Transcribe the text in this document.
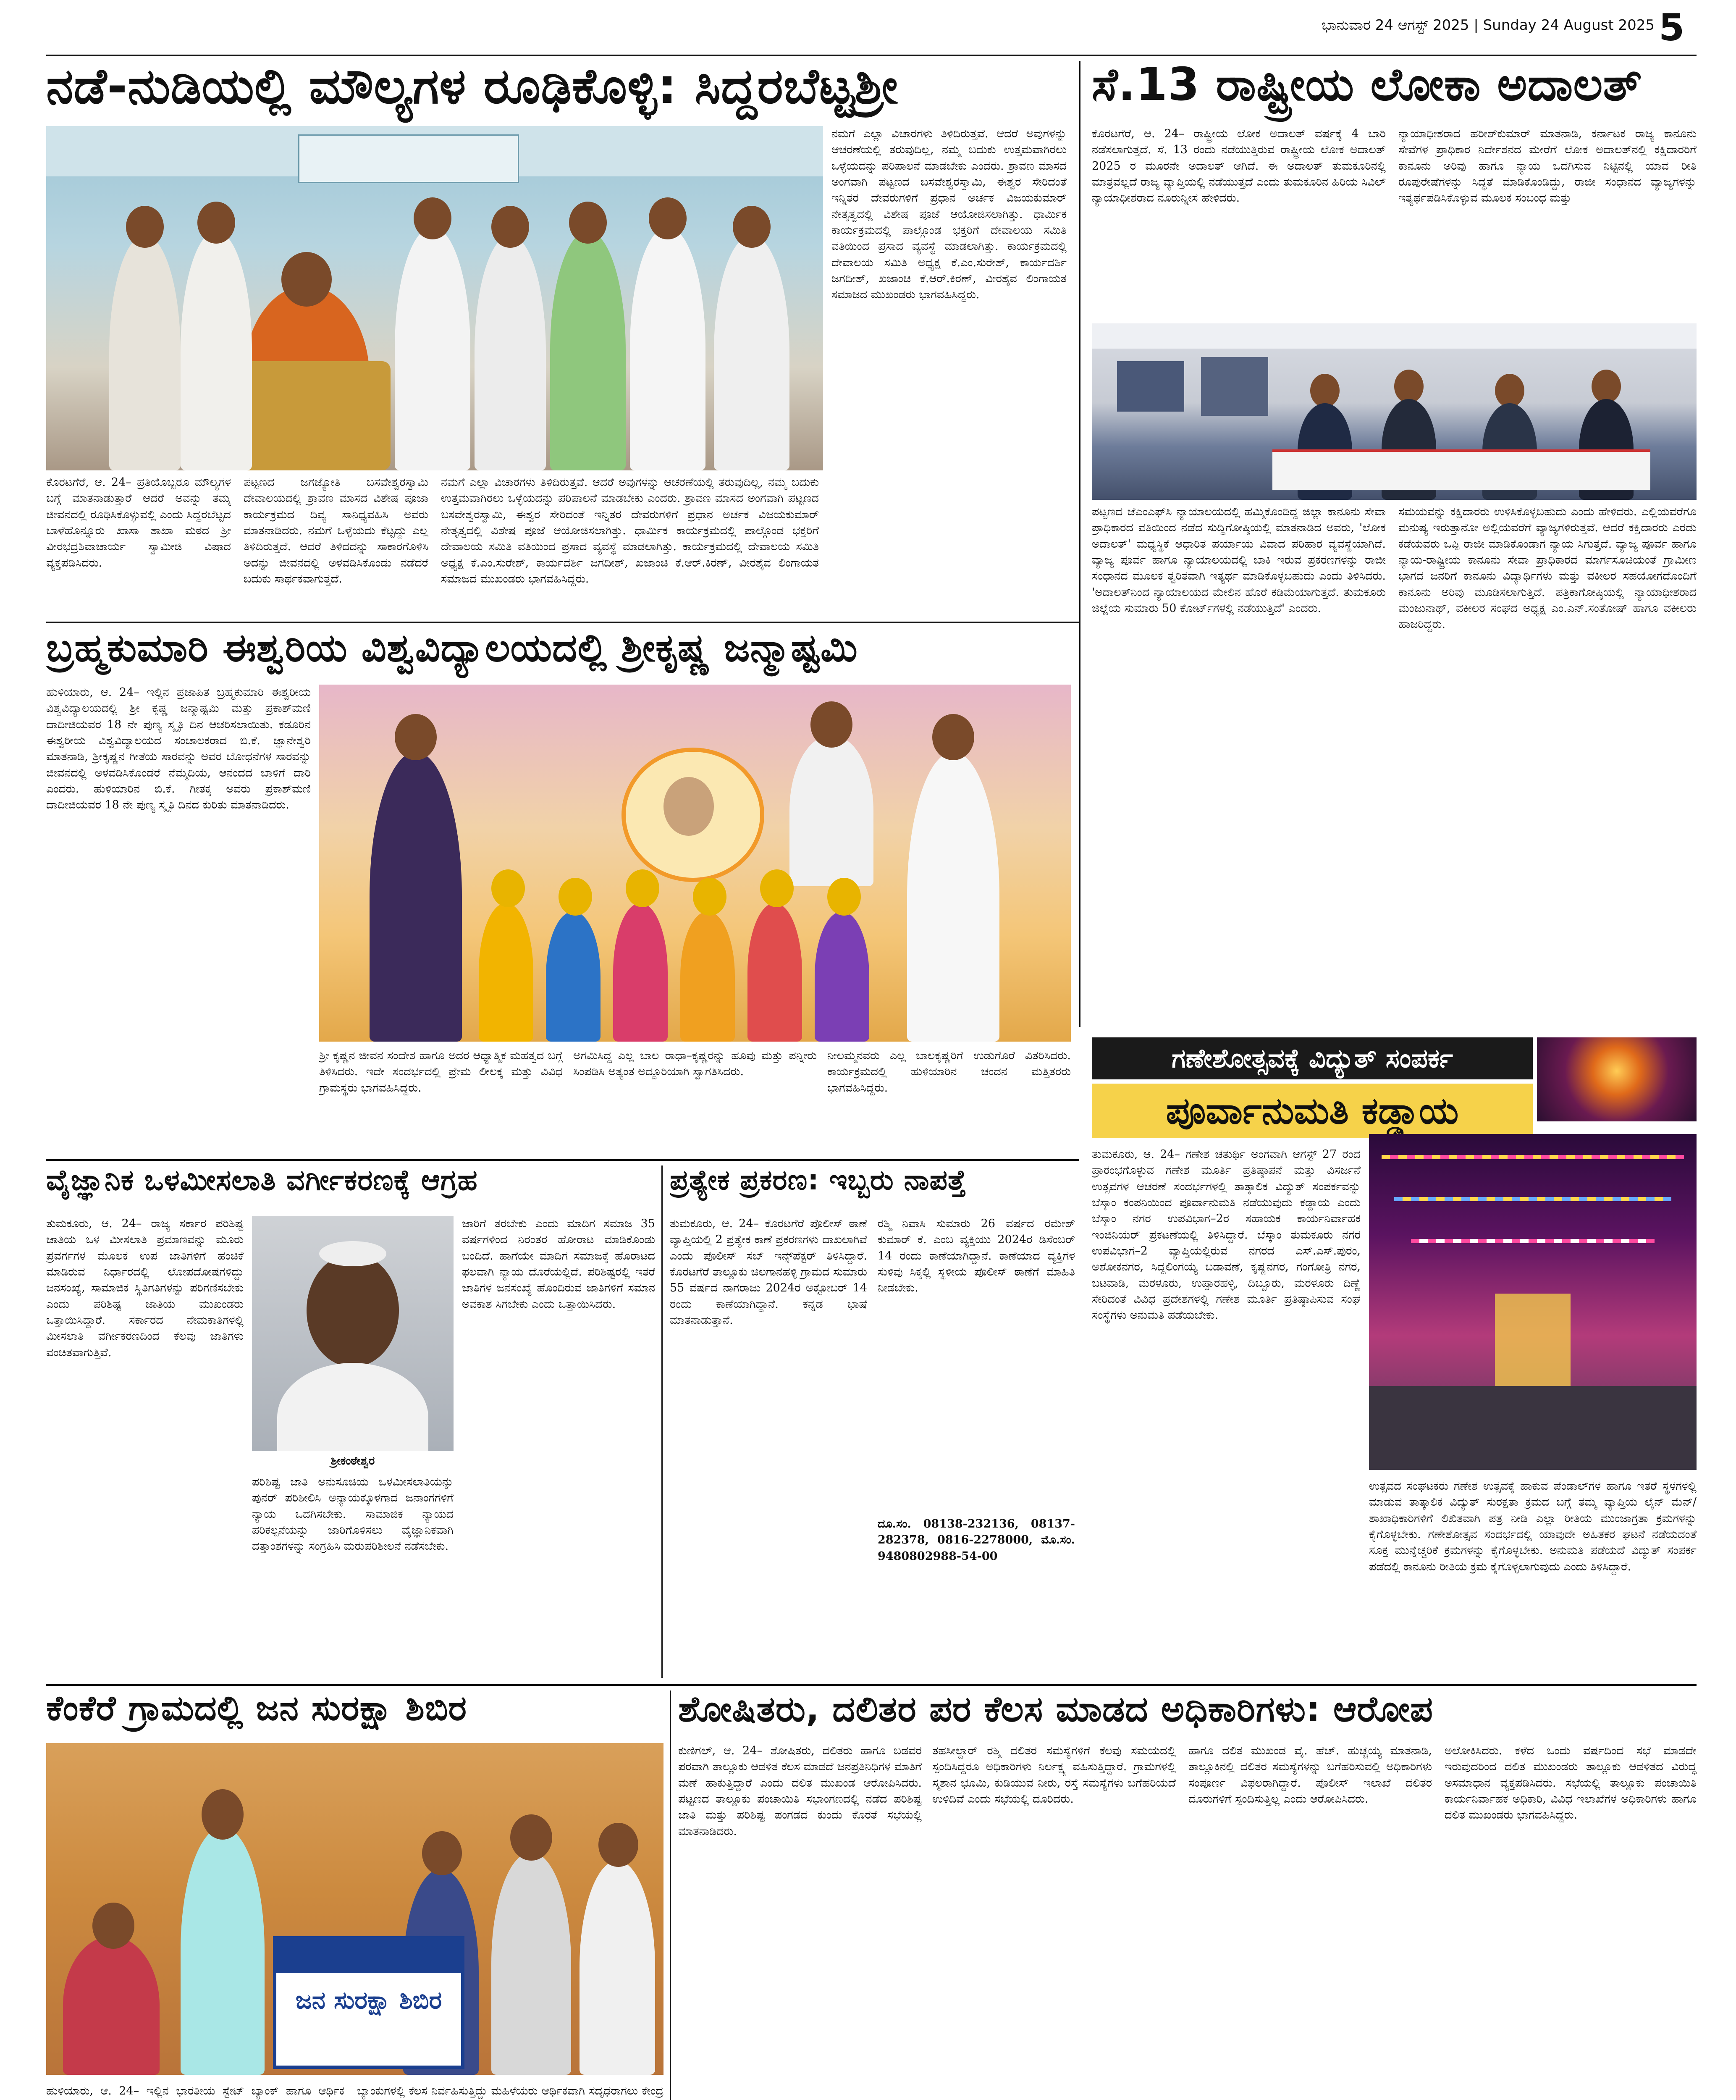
ಭಾನುವಾರ 24 ಆಗಸ್ಟ್ 2025 | Sunday 24 August 2025 5
ನಡೆ-ನುಡಿಯಲ್ಲಿ ಮೌಲ್ಯಗಳ ರೂಢಿಕೊಳ್ಳಿ: ಸಿದ್ದರಬೆಟ್ಟಶ್ರೀ
ಕೊರಟಗೆರೆ, ಆ. 24– ಪ್ರತಿಯೊಬ್ಬರೂ ಮೌಲ್ಯಗಳ ಬಗ್ಗೆ ಮಾತನಾಡುತ್ತಾರೆ ಆದರೆ ಅವನ್ನು ತಮ್ಮ ಜೀವನದಲ್ಲಿ ರೂಢಿಸಿಕೊಳ್ಳುವಲ್ಲಿ ಎಂದು ಸಿದ್ದರಬೆಟ್ಟದ ಬಾಳೆಹೊನ್ನೂರು ಖಾಸಾ ಶಾಖಾ ಮಠದ ಶ್ರೀ ವೀರಭದ್ರಶಿವಾಚಾರ್ಯ ಸ್ವಾಮೀಜಿ ವಿಷಾದ ವ್ಯಕ್ತಪಡಿಸಿದರು.
ಪಟ್ಟಣದ ಜಗಜ್ಯೋತಿ ಬಸವೇಶ್ವರಸ್ವಾಮಿ ದೇವಾಲಯದಲ್ಲಿ ಶ್ರಾವಣ ಮಾಸದ ವಿಶೇಷ ಪೂಜಾ ಕಾರ್ಯಕ್ರಮದ ದಿವ್ಯ ಸಾನಿಧ್ಯವಹಿಸಿ ಅವರು ಮಾತನಾಡಿದರು. ನಮಗೆ ಒಳ್ಳೆಯದು ಕೆಟ್ಟದ್ದು ಎಲ್ಲ ತಿಳಿದಿರುತ್ತದೆ. ಆದರೆ ತಿಳಿದದನ್ನು ಸಾಕಾರಗೊಳಿಸಿ ಅದನ್ನು ಜೀವನದಲ್ಲಿ ಅಳವಡಿಸಿಕೊಂಡು ನಡೆದರೆ ಬದುಕು ಸಾರ್ಥಕವಾಗುತ್ತದೆ.
ನಮಗೆ ಎಲ್ಲಾ ವಿಚಾರಗಳು ತಿಳಿದಿರುತ್ತವೆ. ಆದರೆ ಅವುಗಳನ್ನು ಆಚರಣೆಯಲ್ಲಿ ತರುವುದಿಲ್ಲ, ನಮ್ಮ ಬದುಕು ಉತ್ತಮವಾಗಿರಲು ಒಳ್ಳೆಯದನ್ನು ಪರಿಪಾಲನೆ ಮಾಡಬೇಕು ಎಂದರು. ಶ್ರಾವಣ ಮಾಸದ ಅಂಗವಾಗಿ ಪಟ್ಟಣದ ಬಸವೇಶ್ವರಸ್ವಾಮಿ, ಈಶ್ವರ ಸೇರಿದಂತೆ ಇನ್ನಿತರ ದೇವರುಗಳಿಗೆ ಪ್ರಧಾನ ಅರ್ಚಕ ವಿಜಯಕುಮಾರ್ ನೇತೃತ್ವದಲ್ಲಿ ವಿಶೇಷ ಪೂಜೆ ಆಯೋಜಿಸಲಾಗಿತ್ತು. ಧಾರ್ಮಿಕ ಕಾರ್ಯಕ್ರಮದಲ್ಲಿ ಪಾಲ್ಗೊಂಡ ಭಕ್ತರಿಗೆ ದೇವಾಲಯ ಸಮಿತಿ ವತಿಯಿಂದ ಪ್ರಸಾದ ವ್ಯವಸ್ಥೆ ಮಾಡಲಾಗಿತ್ತು. ಕಾರ್ಯಕ್ರಮದಲ್ಲಿ ದೇವಾಲಯ ಸಮಿತಿ ಅಧ್ಯಕ್ಷ ಕೆ.ಎಂ.ಸುರೇಶ್, ಕಾರ್ಯದರ್ಶಿ ಜಗದೀಶ್, ಖಜಾಂಚಿ ಕೆ.ಆರ್.ಕಿರಣ್, ವೀರಶೈವ ಲಿಂಗಾಯತ ಸಮಾಜದ ಮುಖಂಡರು ಭಾಗವಹಿಸಿದ್ದರು.
ನಮಗೆ ಎಲ್ಲಾ ವಿಚಾರಗಳು ತಿಳಿದಿರುತ್ತವೆ. ಆದರೆ ಅವುಗಳನ್ನು ಆಚರಣೆಯಲ್ಲಿ ತರುವುದಿಲ್ಲ, ನಮ್ಮ ಬದುಕು ಉತ್ತಮವಾಗಿರಲು ಒಳ್ಳೆಯದನ್ನು ಪರಿಪಾಲನೆ ಮಾಡಬೇಕು ಎಂದರು. ಶ್ರಾವಣ ಮಾಸದ ಅಂಗವಾಗಿ ಪಟ್ಟಣದ ಬಸವೇಶ್ವರಸ್ವಾಮಿ, ಈಶ್ವರ ಸೇರಿದಂತೆ ಇನ್ನಿತರ ದೇವರುಗಳಿಗೆ ಪ್ರಧಾನ ಅರ್ಚಕ ವಿಜಯಕುಮಾರ್ ನೇತೃತ್ವದಲ್ಲಿ ವಿಶೇಷ ಪೂಜೆ ಆಯೋಜಿಸಲಾಗಿತ್ತು. ಧಾರ್ಮಿಕ ಕಾರ್ಯಕ್ರಮದಲ್ಲಿ ಪಾಲ್ಗೊಂಡ ಭಕ್ತರಿಗೆ ದೇವಾಲಯ ಸಮಿತಿ ವತಿಯಿಂದ ಪ್ರಸಾದ ವ್ಯವಸ್ಥೆ ಮಾಡಲಾಗಿತ್ತು. ಕಾರ್ಯಕ್ರಮದಲ್ಲಿ ದೇವಾಲಯ ಸಮಿತಿ ಅಧ್ಯಕ್ಷ ಕೆ.ಎಂ.ಸುರೇಶ್, ಕಾರ್ಯದರ್ಶಿ ಜಗದೀಶ್, ಖಜಾಂಚಿ ಕೆ.ಆರ್.ಕಿರಣ್, ವೀರಶೈವ ಲಿಂಗಾಯತ ಸಮಾಜದ ಮುಖಂಡರು ಭಾಗವಹಿಸಿದ್ದರು.
ಸೆ.13 ರಾಷ್ಟ್ರೀಯ ಲೋಕಾ ಅದಾಲತ್
ಕೊರಟಗೆರೆ, ಆ. 24– ರಾಷ್ಟ್ರೀಯ ಲೋಕ ಅದಾಲತ್ ವರ್ಷಕ್ಕೆ 4 ಬಾರಿ ನಡೆಸಲಾಗುತ್ತದೆ. ಸೆ. 13 ರಂದು ನಡೆಯುತ್ತಿರುವ ರಾಷ್ಟ್ರೀಯ ಲೋಕ ಅದಾಲತ್ 2025 ರ ಮೂರನೇ ಅದಾಲತ್ ಆಗಿದೆ. ಈ ಅದಾಲತ್ ತುಮಕೂರಿನಲ್ಲಿ ಮಾತ್ರವಲ್ಲದೆ ರಾಜ್ಯ ವ್ಯಾಪ್ತಿಯಲ್ಲಿ ನಡೆಯುತ್ತದೆ ಎಂದು ತುಮಕೂರಿನ ಹಿರಿಯ ಸಿವಿಲ್ ನ್ಯಾಯಾಧೀಶರಾದ ನೂರುನ್ನೀಸ ಹೇಳಿದರು.
ನ್ಯಾಯಾಧೀಶರಾದ ಹರೀಶ್‌ಕುಮಾರ್ ಮಾತನಾಡಿ, ಕರ್ನಾಟಕ ರಾಜ್ಯ ಕಾನೂನು ಸೇವೆಗಳ ಪ್ರಾಧಿಕಾರ ನಿರ್ದೇಶನದ ಮೇರೆಗೆ ಲೋಕ ಅದಾಲತ್‌ನಲ್ಲಿ ಕಕ್ಷಿದಾರರಿಗೆ ಕಾನೂನು ಅರಿವು ಹಾಗೂ ನ್ಯಾಯ ಒದಗಿಸುವ ನಿಟ್ಟಿನಲ್ಲಿ ಯಾವ ರೀತಿ ರೂಪುರೇಷೆಗಳನ್ನು ಸಿದ್ಧತೆ ಮಾಡಿಕೊಂಡಿದ್ದು, ರಾಜೀ ಸಂಧಾನದ ವ್ಯಾಜ್ಯಗಳನ್ನು ಇತ್ಯರ್ಥಪಡಿಸಿಕೊಳ್ಳುವ ಮೂಲಕ ಸಂಬಂಧ ಮತ್ತು
ಪಟ್ಟಣದ ಜೆಎಂಎಫ್‌ಸಿ ನ್ಯಾಯಾಲಯದಲ್ಲಿ ಹಮ್ಮಿಕೊಂಡಿದ್ದ ಜಿಲ್ಲಾ ಕಾನೂನು ಸೇವಾ ಪ್ರಾಧಿಕಾರದ ವತಿಯಿಂದ ನಡೆದ ಸುದ್ದಿಗೋಷ್ಠಿಯಲ್ಲಿ ಮಾತನಾಡಿದ ಅವರು, 'ಲೋಕ ಅದಾಲತ್' ಮಧ್ಯಸ್ಥಿಕೆ ಆಧಾರಿತ ಪರ್ಯಾಯ ವಿವಾದ ಪರಿಹಾರ ವ್ಯವಸ್ಥೆಯಾಗಿದೆ. ವ್ಯಾಜ್ಯ ಪೂರ್ವ ಹಾಗೂ ನ್ಯಾಯಾಲಯದಲ್ಲಿ ಬಾಕಿ ಇರುವ ಪ್ರಕರಣಗಳನ್ನು ರಾಜೀ ಸಂಧಾನದ ಮೂಲಕ ತ್ವರಿತವಾಗಿ ಇತ್ಯರ್ಥ ಮಾಡಿಕೊಳ್ಳಬಹುದು ಎಂದು ತಿಳಿಸಿದರು. 'ಅದಾಲತ್‌ನಿಂದ ನ್ಯಾಯಾಲಯದ ಮೇಲಿನ ಹೊರೆ ಕಡಿಮೆಯಾಗುತ್ತದೆ. ತುಮಕೂರು ಜಿಲ್ಲೆಯ ಸುಮಾರು 50 ಕೋರ್ಟ್‌ಗಳಲ್ಲಿ ನಡೆಯುತ್ತಿದೆ' ಎಂದರು.
ಸಮಯವನ್ನು ಕಕ್ಷಿದಾರರು ಉಳಿಸಿಕೊಳ್ಳಬಹುದು ಎಂದು ಹೇಳಿದರು. ಎಲ್ಲಿಯವರೆಗೂ ಮನುಷ್ಯ ಇರುತ್ತಾನೋ ಅಲ್ಲಿಯವರೆಗೆ ವ್ಯಾಜ್ಯಗಳಿರುತ್ತವೆ. ಆದರೆ ಕಕ್ಷಿದಾರರು ಎರಡು ಕಡೆಯವರು ಒಪ್ಪಿ ರಾಜೀ ಮಾಡಿಕೊಂಡಾಗ ನ್ಯಾಯ ಸಿಗುತ್ತದೆ. ವ್ಯಾಜ್ಯ ಪೂರ್ವ ಹಾಗೂ ನ್ಯಾಯ-ರಾಷ್ಟ್ರೀಯ ಕಾನೂನು ಸೇವಾ ಪ್ರಾಧಿಕಾರದ ಮಾರ್ಗಸೂಚಿಯಂತೆ ಗ್ರಾಮೀಣ ಭಾಗದ ಜನರಿಗೆ ಕಾನೂನು ವಿದ್ಯಾರ್ಥಿಗಳು ಮತ್ತು ವಕೀಲರ ಸಹಯೋಗದೊಂದಿಗೆ ಕಾನೂನು ಅರಿವು ಮೂಡಿಸಲಾಗುತ್ತಿದೆ. ಪತ್ರಿಕಾಗೋಷ್ಠಿಯಲ್ಲಿ ನ್ಯಾಯಾಧೀಶರಾದ ಮಂಜುನಾಥ್, ವಕೀಲರ ಸಂಘದ ಅಧ್ಯಕ್ಷ ಎಂ.ಎನ್.ಸಂತೋಷ್ ಹಾಗೂ ವಕೀಲರು ಹಾಜರಿದ್ದರು.
ಬ್ರಹ್ಮಕುಮಾರಿ ಈಶ್ವರಿಯ ವಿಶ್ವವಿದ್ಯಾಲಯದಲ್ಲಿ ಶ್ರೀಕೃಷ್ಣ ಜನ್ಮಾಷ್ಟಮಿ
ಹುಳಿಯಾರು, ಆ. 24– ಇಲ್ಲಿನ ಪ್ರಜಾಪಿತ ಬ್ರಹ್ಮಕುಮಾರಿ ಈಶ್ವರೀಯ ವಿಶ್ವವಿದ್ಯಾಲಯದಲ್ಲಿ ಶ್ರೀ ಕೃಷ್ಣ ಜನ್ಮಾಷ್ಟಮಿ ಮತ್ತು ಪ್ರಕಾಶ್‌ಮಣಿ ದಾದೀಜಿಯವರ 18 ನೇ ಪುಣ್ಯ ಸ್ಮೃತಿ ದಿನ ಆಚರಿಸಲಾಯಿತು. ಕಡೂರಿನ ಈಶ್ವರೀಯ ವಿಶ್ವವಿದ್ಯಾಲಯದ ಸಂಚಾಲಕರಾದ ಬಿ.ಕೆ. ಜ್ಞಾನೇಶ್ವರಿ ಮಾತನಾಡಿ, ಶ್ರೀಕೃಷ್ಣನ ಗೀತೆಯ ಸಾರವನ್ನು ಅವರ ಬೋಧನೆಗಳ ಸಾರವನ್ನು ಜೀವನದಲ್ಲಿ ಅಳವಡಿಸಿಕೊಂಡರೆ ನೆಮ್ಮದಿಯ, ಆನಂದದ ಬಾಳಿಗೆ ದಾರಿ ಎಂದರು. ಹುಳಿಯಾರಿನ ಬಿ.ಕೆ. ಗೀತಕ್ಕ ಅವರು ಪ್ರಕಾಶ್‌ಮಣಿ ದಾದೀಜಿಯವರ 18 ನೇ ಪುಣ್ಯ ಸ್ಮೃತಿ ದಿನದ ಕುರಿತು ಮಾತನಾಡಿದರು.
ಶ್ರೀ ಕೃಷ್ಣನ ಜೀವನ ಸಂದೇಶ ಹಾಗೂ ಅದರ ಆಧ್ಯಾತ್ಮಿಕ ಮಹತ್ವದ ಬಗ್ಗೆ ತಿಳಿಸಿದರು. ಇದೇ ಸಂದರ್ಭದಲ್ಲಿ ಪ್ರೇಮ ಲೀಲಕ್ಕ ಮತ್ತು ವಿವಿಧ ಗ್ರಾಮಸ್ಥರು ಭಾಗವಹಿಸಿದ್ದರು.
ಅಗಮಿಸಿದ್ದ ಎಲ್ಲ ಬಾಲ ರಾಧಾ–ಕೃಷ್ಣರನ್ನು ಹೂವು ಮತ್ತು ಪನ್ನೀರು ಸಿಂಪಡಿಸಿ ಅತ್ಯಂತ ಅದ್ದೂರಿಯಾಗಿ ಸ್ವಾಗತಿಸಿದರು.
ನೀಲಮ್ಮನವರು ಎಲ್ಲ ಬಾಲಕೃಷ್ಣರಿಗೆ ಉಡುಗೊರೆ ವಿತರಿಸಿದರು. ಕಾರ್ಯಕ್ರಮದಲ್ಲಿ ಹುಳಿಯಾರಿನ ಚಂದನ ಮತ್ತಿತರರು ಭಾಗವಹಿಸಿದ್ದರು.
ಗಣೇಶೋತ್ಸವಕ್ಕೆ ವಿದ್ಯುತ್ ಸಂಪರ್ಕ
ಪೂರ್ವಾನುಮತಿ ಕಡ್ಡಾಯ
ತುಮಕೂರು, ಆ. 24– ಗಣೇಶ ಚತುರ್ಥಿ ಅಂಗವಾಗಿ ಆಗಸ್ಟ್ 27 ರಂದ ಪ್ರಾರಂಭಗೊಳ್ಳುವ ಗಣೇಶ ಮೂರ್ತಿ ಪ್ರತಿಷ್ಠಾಪನೆ ಮತ್ತು ವಿಸರ್ಜನೆ ಉತ್ಸವಗಳ ಆಚರಣೆ ಸಂದರ್ಭಗಳಲ್ಲಿ ತಾತ್ಕಾಲಿಕ ವಿದ್ಯುತ್ ಸಂಪರ್ಕವನ್ನು ಬೆಸ್ಕಾಂ ಕಂಪನಿಯಿಂದ ಪೂರ್ವಾನುಮತಿ ನಡೆಯುವುದು ಕಡ್ಡಾಯ ಎಂದು ಬೆಸ್ಕಾಂ ನಗರ ಉಪವಿಭಾಗ–2ರ ಸಹಾಯಕ ಕಾರ್ಯನಿರ್ವಾಹಕ ಇಂಜಿನಿಯರ್ ಪ್ರಕಟಣೆಯಲ್ಲಿ ತಿಳಿಸಿದ್ದಾರೆ. ಬೆಸ್ಕಾಂ ತುಮಕೂರು ನಗರ ಉಪವಿಭಾಗ–2 ವ್ಯಾಪ್ತಿಯಲ್ಲಿರುವ ನಗರದ ಎಸ್.ಎಸ್.ಪುರಂ, ಅಶೋಕನಗರ, ಸಿದ್ದಲಿಂಗಯ್ಯ ಬಡಾವಣೆ, ಕೃಷ್ಣನಗರ, ಗಂಗೋತ್ರಿ ನಗರ, ಬಟವಾಡಿ, ಮರಳೂರು, ಉಪ್ಪಾರಹಳ್ಳಿ, ದಿಬ್ಬೂರು, ಮರಳೂರು ದಿಣ್ಣೆ ಸೇರಿದಂತೆ ವಿವಿಧ ಪ್ರದೇಶಗಳಲ್ಲಿ ಗಣೇಶ ಮೂರ್ತಿ ಪ್ರತಿಷ್ಠಾಪಿಸುವ ಸಂಘ ಸಂಸ್ಥೆಗಳು ಅನುಮತಿ ಪಡೆಯಬೇಕು.
ಉತ್ಸವದ ಸಂಘಟಕರು ಗಣೇಶ ಉತ್ಸವಕ್ಕೆ ಹಾಕುವ ಪೆಂಡಾಲ್‌ಗಳ ಹಾಗೂ ಇತರೆ ಸ್ಥಳಗಳಲ್ಲಿ ಮಾಡುವ ತಾತ್ಕಾಲಿಕ ವಿದ್ಯುತ್ ಸುರಕ್ಷತಾ ಕ್ರಮದ ಬಗ್ಗೆ ತಮ್ಮ ವ್ಯಾಪ್ತಿಯ ಲೈನ್ ಮೆನ್/ಶಾಖಾಧಿಕಾರಿಗಳಿಗೆ ಲಿಖಿತವಾಗಿ ಪತ್ರ ನೀಡಿ ಎಲ್ಲಾ ರೀತಿಯ ಮುಂಜಾಗ್ರತಾ ಕ್ರಮಗಳನ್ನು ಕೈಗೊಳ್ಳಬೇಕು. ಗಣೇಶೋತ್ಸವ ಸಂದರ್ಭದಲ್ಲಿ ಯಾವುದೇ ಅಹಿತಕರ ಘಟನೆ ನಡೆಯದಂತೆ ಸೂಕ್ತ ಮುನ್ನೆಚ್ಚರಿಕೆ ಕ್ರಮಗಳನ್ನು ಕೈಗೊಳ್ಳಬೇಕು. ಅನುಮತಿ ಪಡೆಯದೆ ವಿದ್ಯುತ್ ಸಂಪರ್ಕ ಪಡೆದಲ್ಲಿ ಕಾನೂನು ರೀತಿಯ ಕ್ರಮ ಕೈಗೊಳ್ಳಲಾಗುವುದು ಎಂದು ತಿಳಿಸಿದ್ದಾರೆ.
ವೈಜ್ಞಾನಿಕ ಒಳಮೀಸಲಾತಿ ವರ್ಗೀಕರಣಕ್ಕೆ ಆಗ್ರಹ
ತುಮಕೂರು, ಆ. 24– ರಾಜ್ಯ ಸರ್ಕಾರ ಪರಿಶಿಷ್ಟ ಜಾತಿಯ ಒಳ ಮೀಸಲಾತಿ ಪ್ರಮಾಣವನ್ನು ಮೂರು ಪ್ರವರ್ಗಗಳ ಮೂಲಕ ಉಪ ಜಾತಿಗಳಿಗೆ ಹಂಚಿಕೆ ಮಾಡಿರುವ ನಿರ್ಧಾರದಲ್ಲಿ ಲೋಪದೋಷಗಳಿದ್ದು ಜನಸಂಖ್ಯೆ, ಸಾಮಾಜಿಕ ಸ್ಥಿತಿಗತಿಗಳನ್ನು ಪರಿಗಣಿಸಬೇಕು ಎಂದು ಪರಿಶಿಷ್ಟ ಜಾತಿಯ ಮುಖಂಡರು ಒತ್ತಾಯಿಸಿದ್ದಾರೆ. ಸರ್ಕಾರದ ನೇಮಕಾತಿಗಳಲ್ಲಿ ಮೀಸಲಾತಿ ವರ್ಗೀಕರಣದಿಂದ ಕೆಲವು ಜಾತಿಗಳು ವಂಚಿತವಾಗುತ್ತಿವೆ.
ಶ್ರೀಕಂಠೇಶ್ವರ
ಪರಿಶಿಷ್ಟ ಜಾತಿ ಅನುಸೂಚಿಯ ಒಳಮೀಸಲಾತಿಯನ್ನು ಪುನರ್ ಪರಿಶೀಲಿಸಿ ಅನ್ಯಾಯಕ್ಕೊಳಗಾದ ಜನಾಂಗಗಳಿಗೆ ನ್ಯಾಯ ಒದಗಿಸಬೇಕು. ಸಾಮಾಜಿಕ ನ್ಯಾಯದ ಪರಿಕಲ್ಪನೆಯನ್ನು ಜಾರಿಗೊಳಿಸಲು ವೈಜ್ಞಾನಿಕವಾಗಿ ದತ್ತಾಂಶಗಳನ್ನು ಸಂಗ್ರಹಿಸಿ ಮರುಪರಿಶೀಲನೆ ನಡೆಸಬೇಕು.
ಜಾರಿಗೆ ತರಬೇಕು ಎಂದು ಮಾದಿಗ ಸಮಾಜ 35 ವರ್ಷಗಳಿಂದ ನಿರಂತರ ಹೋರಾಟ ಮಾಡಿಕೊಂಡು ಬಂದಿದೆ. ಹಾಗೆಯೇ ಮಾದಿಗ ಸಮಾಜಕ್ಕೆ ಹೊರಾಟದ ಫಲವಾಗಿ ನ್ಯಾಯ ದೊರೆಯಲ್ಲಿದೆ. ಪರಿಶಿಷ್ಟರಲ್ಲಿ ಇತರೆ ಜಾತಿಗಳ ಜನಸಂಖ್ಯೆ ಹೊಂದಿರುವ ಜಾತಿಗಳಿಗೆ ಸಮಾನ ಅವಕಾಶ ಸಿಗಬೇಕು ಎಂದು ಒತ್ತಾಯಿಸಿದರು.
ಪ್ರತ್ಯೇಕ ಪ್ರಕರಣ: ಇಬ್ಬರು ನಾಪತ್ತೆ
ತುಮಕೂರು, ಆ. 24– ಕೊರಟಗೆರೆ ಪೊಲೀಸ್ ಠಾಣೆ ವ್ಯಾಪ್ತಿಯಲ್ಲಿ 2 ಪ್ರತ್ಯೇಕ ಕಾಣೆ ಪ್ರಕರಣಗಳು ದಾಖಲಾಗಿವೆ ಎಂದು ಪೊಲೀಸ್ ಸಬ್ ಇನ್ಸ್‌ಪೆಕ್ಟರ್ ತಿಳಿಸಿದ್ದಾರೆ. ಕೊರಟಗೆರೆ ತಾಲ್ಲೂಕು ಚಿಲಗಾನಹಳ್ಳಿ ಗ್ರಾಮದ ಸುಮಾರು 55 ವರ್ಷದ ನಾಗರಾಜು 2024ರ ಅಕ್ಟೋಬರ್ 14 ರಂದು ಕಾಣೆಯಾಗಿದ್ದಾನೆ. ಕನ್ನಡ ಭಾಷೆ ಮಾತನಾಡುತ್ತಾನೆ.
ರಶ್ಮಿ ನಿವಾಸಿ ಸುಮಾರು 26 ವರ್ಷದ ರಮೇಶ್ ಕುಮಾರ್ ಕೆ. ಎಂಬ ವ್ಯಕ್ತಿಯು 2024ರ ಡಿಸೆಂಬರ್ 14 ರಂದು ಕಾಣೆಯಾಗಿದ್ದಾನೆ. ಕಾಣೆಯಾದ ವ್ಯಕ್ತಿಗಳ ಸುಳಿವು ಸಿಕ್ಕಲ್ಲಿ ಸ್ಥಳೀಯ ಪೊಲೀಸ್ ಠಾಣೆಗೆ ಮಾಹಿತಿ ನೀಡಬೇಕು.
ದೂ.ಸಂ. 08138-232136, 08137-282378, 0816-2278000, ಮೊ.ಸಂ. 9480802988-54-00
ಕೆಂಕೆರೆ ಗ್ರಾಮದಲ್ಲಿ ಜನ ಸುರಕ್ಷಾ ಶಿಬಿರ
ಜನ ಸುರಕ್ಷಾ ಶಿಬಿರ
ಹುಳಿಯಾರು, ಆ. 24– ಇಲ್ಲಿನ ಭಾರತೀಯ ಸ್ಟೇಟ್ ಬ್ಯಾಂಕ್ ಹಾಗೂ ಆರ್ಥಿಕ ಬ್ಯಾಂಕುಗಳಲ್ಲಿ ಕೆಲಸ ನಿರ್ವಹಿಸುತ್ತಿದ್ದು ಮಹಿಳೆಯರು ಆರ್ಥಿಕವಾಗಿ ಸದೃಢರಾಗಲು ಕೇಂದ್ರ
ಶೋಷಿತರು, ದಲಿತರ ಪರ ಕೆಲಸ ಮಾಡದ ಅಧಿಕಾರಿಗಳು: ಆರೋಪ
ಕುಣಿಗಲ್, ಆ. 24– ಶೋಷಿತರು, ದಲಿತರು ಹಾಗೂ ಬಡವರ ಪರವಾಗಿ ತಾಲ್ಲೂಕು ಆಡಳಿತ ಕೆಲಸ ಮಾಡದೆ ಜನಪ್ರತಿನಿಧಿಗಳ ಮಾತಿಗೆ ಮಣೆ ಹಾಕುತ್ತಿದ್ದಾರೆ ಎಂದು ದಲಿತ ಮುಖಂಡ ಆರೋಪಿಸಿದರು. ಪಟ್ಟಣದ ತಾಲ್ಲೂಕು ಪಂಚಾಯಿತಿ ಸಭಾಂಗಣದಲ್ಲಿ ನಡೆದ ಪರಿಶಿಷ್ಟ ಜಾತಿ ಮತ್ತು ಪರಿಶಿಷ್ಟ ಪಂಗಡದ ಕುಂದು ಕೊರತೆ ಸಭೆಯಲ್ಲಿ ಮಾತನಾಡಿದರು.
ತಹಸೀಲ್ದಾರ್ ರಶ್ಮಿ ದಲಿತರ ಸಮಸ್ಯೆಗಳಿಗೆ ಕೆಲವು ಸಮಯದಲ್ಲಿ ಸ್ಪಂದಿಸಿದ್ದರೂ ಅಧಿಕಾರಿಗಳು ನಿರ್ಲಕ್ಷ್ಯ ವಹಿಸುತ್ತಿದ್ದಾರೆ. ಗ್ರಾಮಗಳಲ್ಲಿ ಸ್ಮಶಾನ ಭೂಮಿ, ಕುಡಿಯುವ ನೀರು, ರಸ್ತೆ ಸಮಸ್ಯೆಗಳು ಬಗೆಹರಿಯದೆ ಉಳಿದಿವೆ ಎಂದು ಸಭೆಯಲ್ಲಿ ದೂರಿದರು.
ಹಾಗೂ ದಲಿತ ಮುಖಂಡ ವೈ. ಹೆಚ್. ಹುಚ್ಚಯ್ಯ ಮಾತನಾಡಿ, ತಾಲ್ಲೂಕಿನಲ್ಲಿ ದಲಿತರ ಸಮಸ್ಯೆಗಳನ್ನು ಬಗೆಹರಿಸುವಲ್ಲಿ ಅಧಿಕಾರಿಗಳು ಸಂಪೂರ್ಣ ವಿಫಲರಾಗಿದ್ದಾರೆ. ಪೊಲೀಸ್ ಇಲಾಖೆ ದಲಿತರ ದೂರುಗಳಿಗೆ ಸ್ಪಂದಿಸುತ್ತಿಲ್ಲ ಎಂದು ಆರೋಪಿಸಿದರು.
ಅಲೋಕಿಸಿದರು. ಕಳೆದ ಒಂದು ವರ್ಷದಿಂದ ಸಭೆ ಮಾಡದೇ ಇರುವುದರಿಂದ ದಲಿತ ಮುಖಂಡರು ತಾಲ್ಲೂಕು ಆಡಳಿತದ ವಿರುದ್ಧ ಅಸಮಾಧಾನ ವ್ಯಕ್ತಪಡಿಸಿದರು. ಸಭೆಯಲ್ಲಿ ತಾಲ್ಲೂಕು ಪಂಚಾಯಿತಿ ಕಾರ್ಯನಿರ್ವಾಹಕ ಅಧಿಕಾರಿ, ವಿವಿಧ ಇಲಾಖೆಗಳ ಅಧಿಕಾರಿಗಳು ಹಾಗೂ ದಲಿತ ಮುಖಂಡರು ಭಾಗವಹಿಸಿದ್ದರು.
